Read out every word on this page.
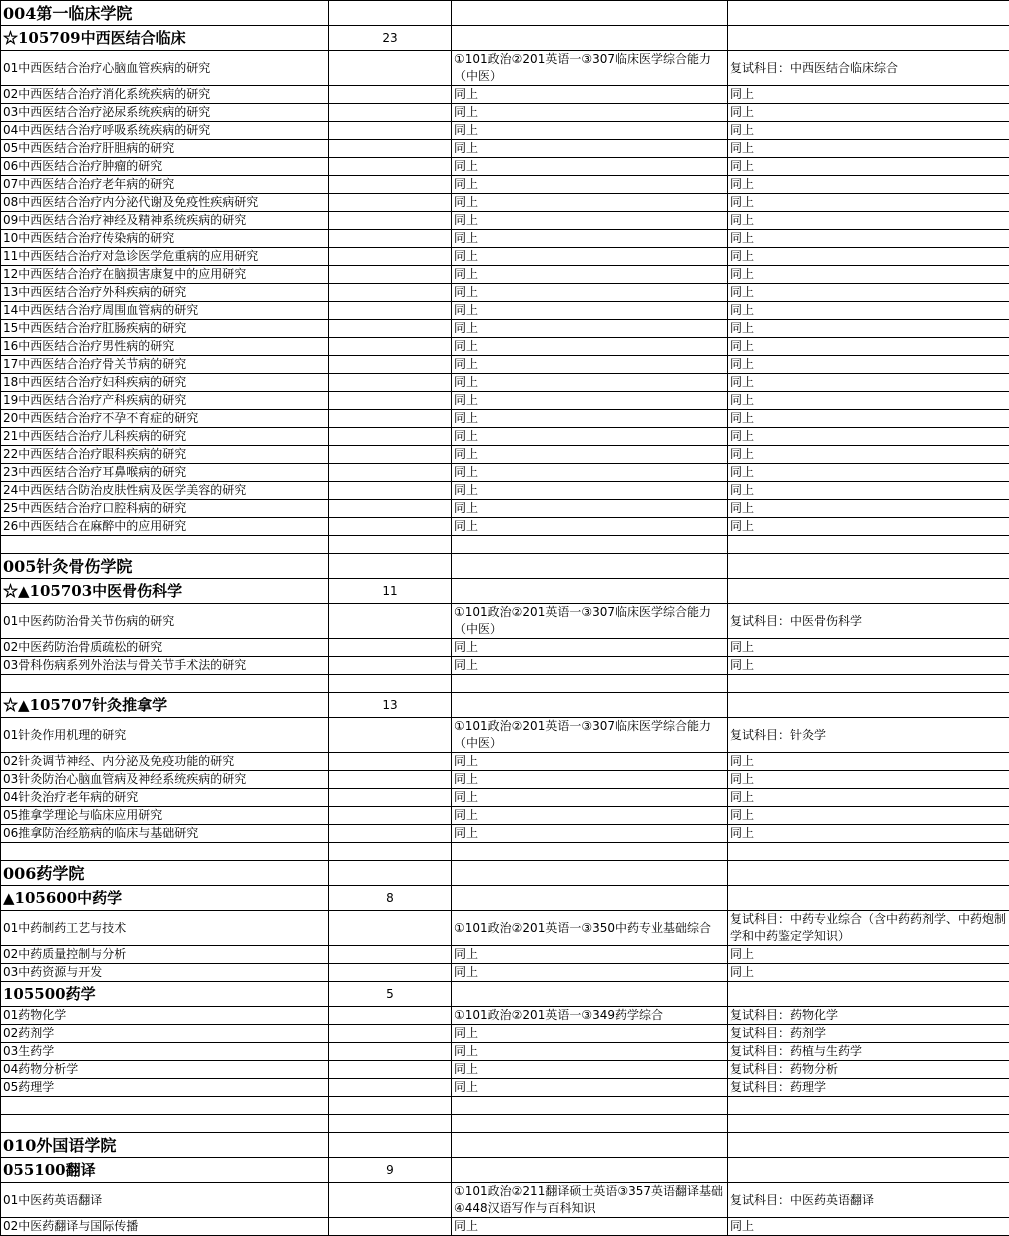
004第一临床学院			
☆105709中西医结合临床	23		
01中西医结合治疗心脑血管疾病的研究		①101政治②201英语一③307临床医学综合能力（中医）	复试科目：中西医结合临床综合
02中西医结合治疗消化系统疾病的研究		同上	同上
03中西医结合治疗泌尿系统疾病的研究		同上	同上
04中西医结合治疗呼吸系统疾病的研究		同上	同上
05中西医结合治疗肝胆病的研究		同上	同上
06中西医结合治疗肿瘤的研究		同上	同上
07中西医结合治疗老年病的研究		同上	同上
08中西医结合治疗内分泌代谢及免疫性疾病研究		同上	同上
09中西医结合治疗神经及精神系统疾病的研究		同上	同上
10中西医结合治疗传染病的研究		同上	同上
11中西医结合治疗对急诊医学危重病的应用研究		同上	同上
12中西医结合治疗在脑损害康复中的应用研究		同上	同上
13中西医结合治疗外科疾病的研究		同上	同上
14中西医结合治疗周围血管病的研究		同上	同上
15中西医结合治疗肛肠疾病的研究		同上	同上
16中西医结合治疗男性病的研究		同上	同上
17中西医结合治疗骨关节病的研究		同上	同上
18中西医结合治疗妇科疾病的研究		同上	同上
19中西医结合治疗产科疾病的研究		同上	同上
20中西医结合治疗不孕不育症的研究		同上	同上
21中西医结合治疗儿科疾病的研究		同上	同上
22中西医结合治疗眼科疾病的研究		同上	同上
23中西医结合治疗耳鼻喉病的研究		同上	同上
24中西医结合防治皮肤性病及医学美容的研究		同上	同上
25中西医结合治疗口腔科病的研究		同上	同上
26中西医结合在麻醉中的应用研究		同上	同上

005针灸骨伤学院			
☆▲105703中医骨伤科学	11		
01中医药防治骨关节伤病的研究		①101政治②201英语一③307临床医学综合能力（中医）	复试科目：中医骨伤科学
02中医药防治骨质疏松的研究		同上	同上
03骨科伤病系列外治法与骨关节手术法的研究		同上	同上

☆▲105707针灸推拿学	13		
01针灸作用机理的研究		①101政治②201英语一③307临床医学综合能力（中医）	复试科目：针灸学
02针灸调节神经、内分泌及免疫功能的研究		同上	同上
03针灸防治心脑血管病及神经系统疾病的研究		同上	同上
04针灸治疗老年病的研究		同上	同上
05推拿学理论与临床应用研究		同上	同上
06推拿防治经筋病的临床与基础研究		同上	同上

006药学院			
▲105600中药学	8		
01中药制药工艺与技术		①101政治②201英语一③350中药专业基础综合	复试科目：中药专业综合（含中药药剂学、中药炮制学和中药鉴定学知识）
02中药质量控制与分析		同上	同上
03中药资源与开发		同上	同上
105500药学	5		
01药物化学		①101政治②201英语一③349药学综合	复试科目：药物化学
02药剂学		同上	复试科目：药剂学
03生药学		同上	复试科目：药植与生药学
04药物分析学		同上	复试科目：药物分析
05药理学		同上	复试科目：药理学

010外国语学院			
055100翻译	9		
01中医药英语翻译		①101政治②211翻译硕士英语③357英语翻译基础④448汉语写作与百科知识	复试科目：中医药英语翻译
02中医药翻译与国际传播		同上	同上
